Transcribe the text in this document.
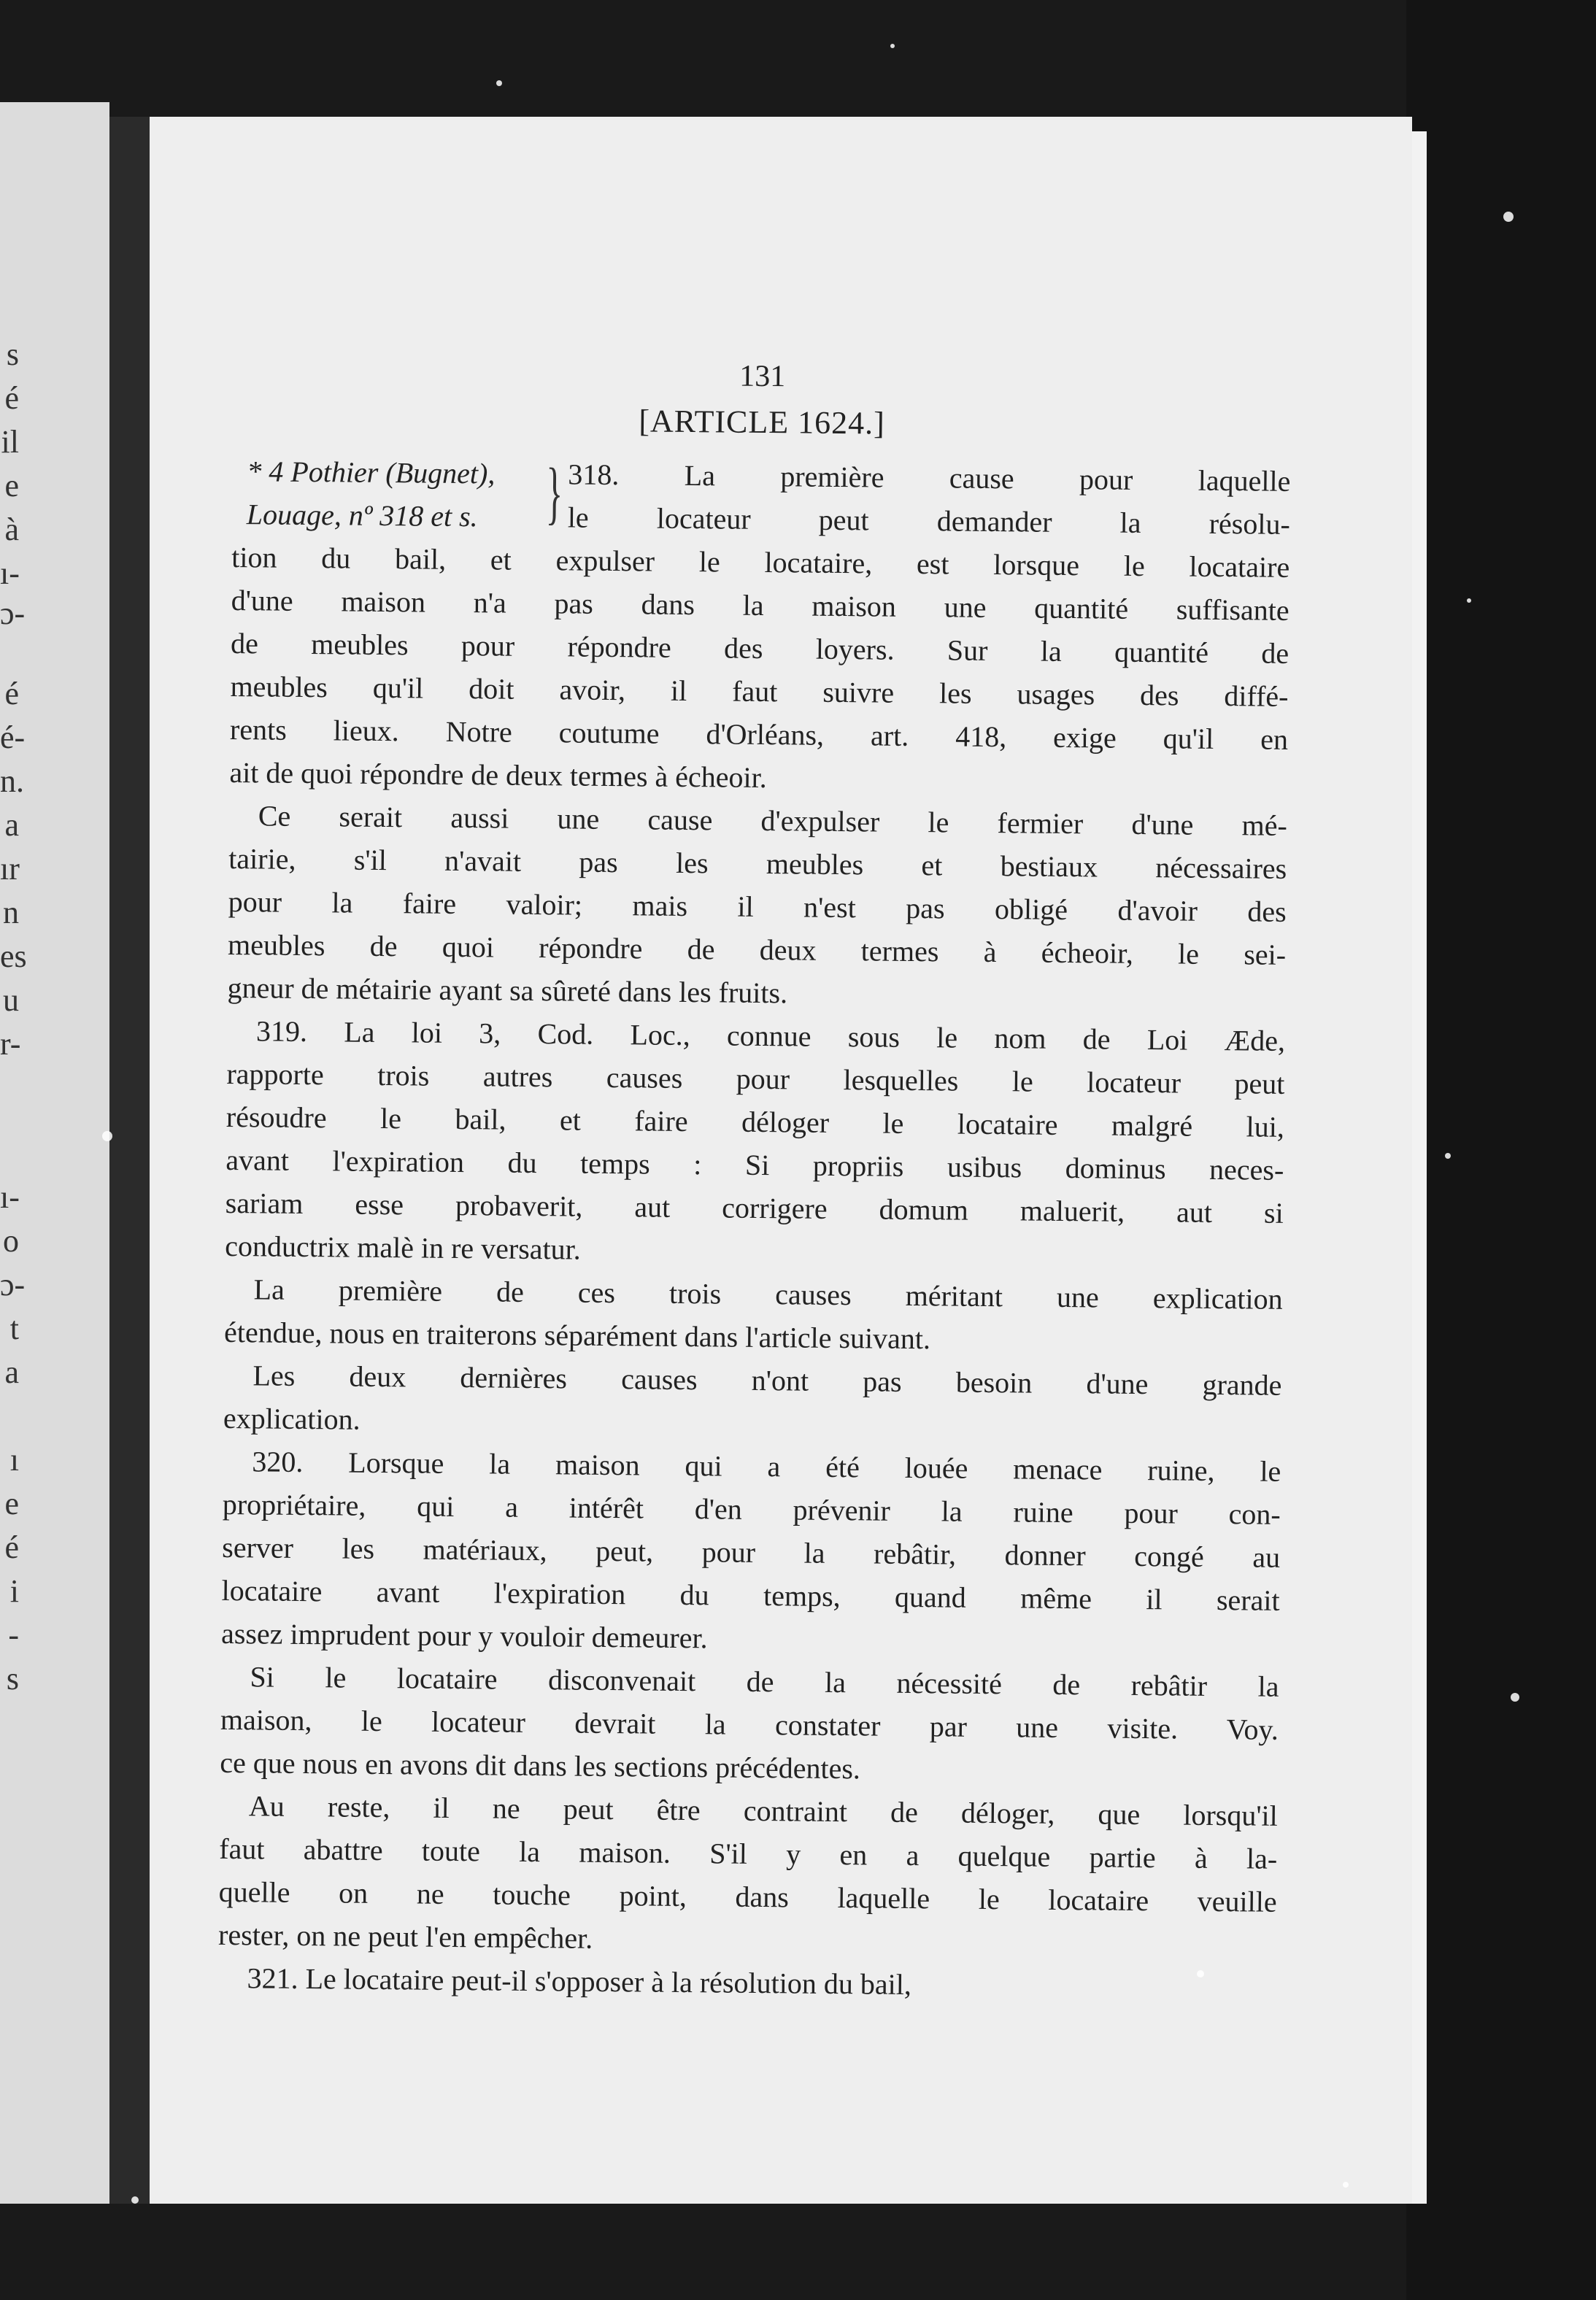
s
é
il
e
à
ı-
ɔ-
é
é-
n.
a
ır
n
es
u
r-
ı-
o
ɔ-
t
a
ı
e
é
i
-
s
131
[ARTICLE 1624.]
* 4 Pothier (Bugnet),
Louage, nº 318 et s. } 318. La première cause pour laquelle
le locateur peut demander la résolu-
tion du bail, et expulser le locataire, est lorsque le locataire
d'une maison n'a pas dans la maison une quantité suffisante
de meubles pour répondre des loyers. Sur la quantité de
meubles qu'il doit avoir, il faut suivre les usages des diffé-
rents lieux. Notre coutume d'Orléans, art. 418, exige qu'il en
ait de quoi répondre de deux termes à écheoir.
Ce serait aussi une cause d'expulser le fermier d'une mé-
tairie, s'il n'avait pas les meubles et bestiaux nécessaires
pour la faire valoir; mais il n'est pas obligé d'avoir des
meubles de quoi répondre de deux termes à écheoir, le sei-
gneur de métairie ayant sa sûreté dans les fruits.
319. La loi 3, Cod. Loc., connue sous le nom de Loi Æde,
rapporte trois autres causes pour lesquelles le locateur peut
résoudre le bail, et faire déloger le locataire malgré lui,
avant l'expiration du temps : Si propriis usibus dominus neces-
sariam esse probaverit, aut corrigere domum maluerit, aut si
conductrix malè in re versatur.
La première de ces trois causes méritant une explication
étendue, nous en traiterons séparément dans l'article suivant.
Les deux dernières causes n'ont pas besoin d'une grande
explication.
320. Lorsque la maison qui a été louée menace ruine, le
propriétaire, qui a intérêt d'en prévenir la ruine pour con-
server les matériaux, peut, pour la rebâtir, donner congé au
locataire avant l'expiration du temps, quand même il serait
assez imprudent pour y vouloir demeurer.
Si le locataire disconvenait de la nécessité de rebâtir la
maison, le locateur devrait la constater par une visite. Voy.
ce que nous en avons dit dans les sections précédentes.
Au reste, il ne peut être contraint de déloger, que lorsqu'il
faut abattre toute la maison. S'il y en a quelque partie à la-
quelle on ne touche point, dans laquelle le locataire veuille
rester, on ne peut l'en empêcher.
321. Le locataire peut-il s'opposer à la résolution du bail,
